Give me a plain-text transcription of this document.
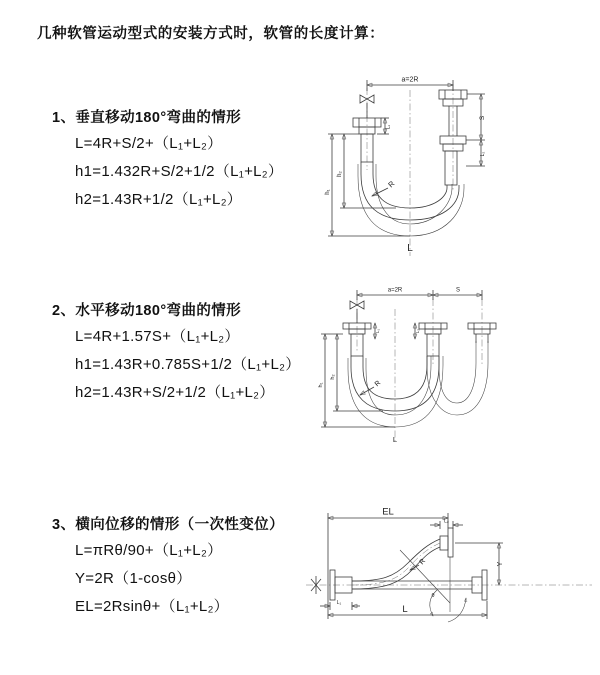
几种软管运动型式的安装方式时，软管的长度计算：
1、垂直移动180°弯曲的情形
L=4R+S/2+（L₁+L₂）
h1=1.432R+S/2+1/2（L₁+L₂）
h2=1.43R+1/2（L₁+L₂）
2、水平移动180°弯曲的情形
L=4R+1.57S+（L₁+L₂）
h1=1.43R+0.785S+1/2（L₁+L₂）
h2=1.43R+S/2+1/2（L₁+L₂）
3、横向位移的情形（一次性变位）
L=πRθ/90+（L₁+L₂）
Y=2R（1-cosθ）
EL=2Rsinθ+（L₁+L₂）
a=2R
h₁
h₂
L₁
S
L₂
R
L
a=2R	S
h₁
h₂
L₁	L₂
R
L
θ
EL
L₂
Y
L
L₁
R
